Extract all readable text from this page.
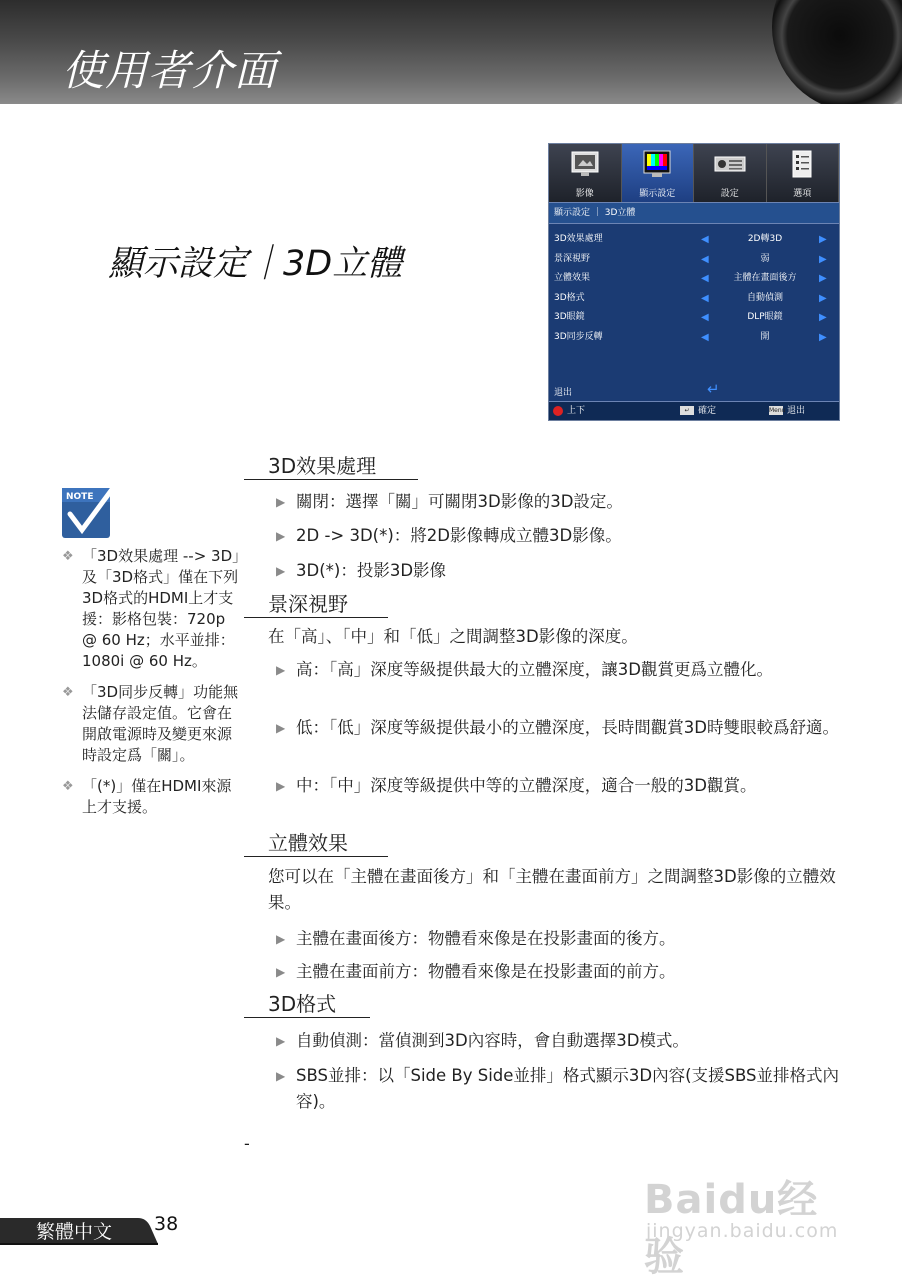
使用者介面
顯示設定｜3D立體
影像	顯示設定	設定	選項
顯示設定 ｜ 3D立體
3D效果處理	◀	2D轉3D	▶
景深視野	◀	弱	▶
立體效果	◀	主體在畫面後方	▶
3D格式	◀	自動偵測	▶
3D眼鏡	◀	DLP眼鏡	▶
3D同步反轉	◀	開	▶
退出	↵
上下	↵ 確定	Menu 退出
NOTE
❖ 「3D效果處理 --> 3D」及「3D格式」僅在下列3D格式的HDMI上才支援：影格包裝：720p @ 60 Hz；水平並排：1080i @ 60 Hz。
❖ 「3D同步反轉」功能無法儲存設定值。它會在開啟電源時及變更來源時設定爲「關」。
❖ 「(*)」僅在HDMI來源上才支援。
3D效果處理
▶ 關閉：選擇「關」可關閉3D影像的3D設定。
▶ 2D -> 3D(*)：將2D影像轉成立體3D影像。
▶ 3D(*)：投影3D影像
景深視野
在「高」、「中」和「低」之間調整3D影像的深度。
▶ 高：「高」深度等級提供最大的立體深度，讓3D觀賞更爲立體化。
▶ 低：「低」深度等級提供最小的立體深度，長時間觀賞3D時雙眼較爲舒適。
▶ 中：「中」深度等級提供中等的立體深度，適合一般的3D觀賞。
立體效果
您可以在「主體在畫面後方」和「主體在畫面前方」之間調整3D影像的立體效果。
▶ 主體在畫面後方：物體看來像是在投影畫面的後方。
▶ 主體在畫面前方：物體看來像是在投影畫面的前方。
3D格式
▶ 自動偵測：當偵測到3D內容時，會自動選擇3D模式。
▶ SBS並排：以「Side By Side並排」格式顯示3D內容(支援SBS並排格式內容)。
-
繁體中文 38
Baidu经验
jingyan.baidu.com
